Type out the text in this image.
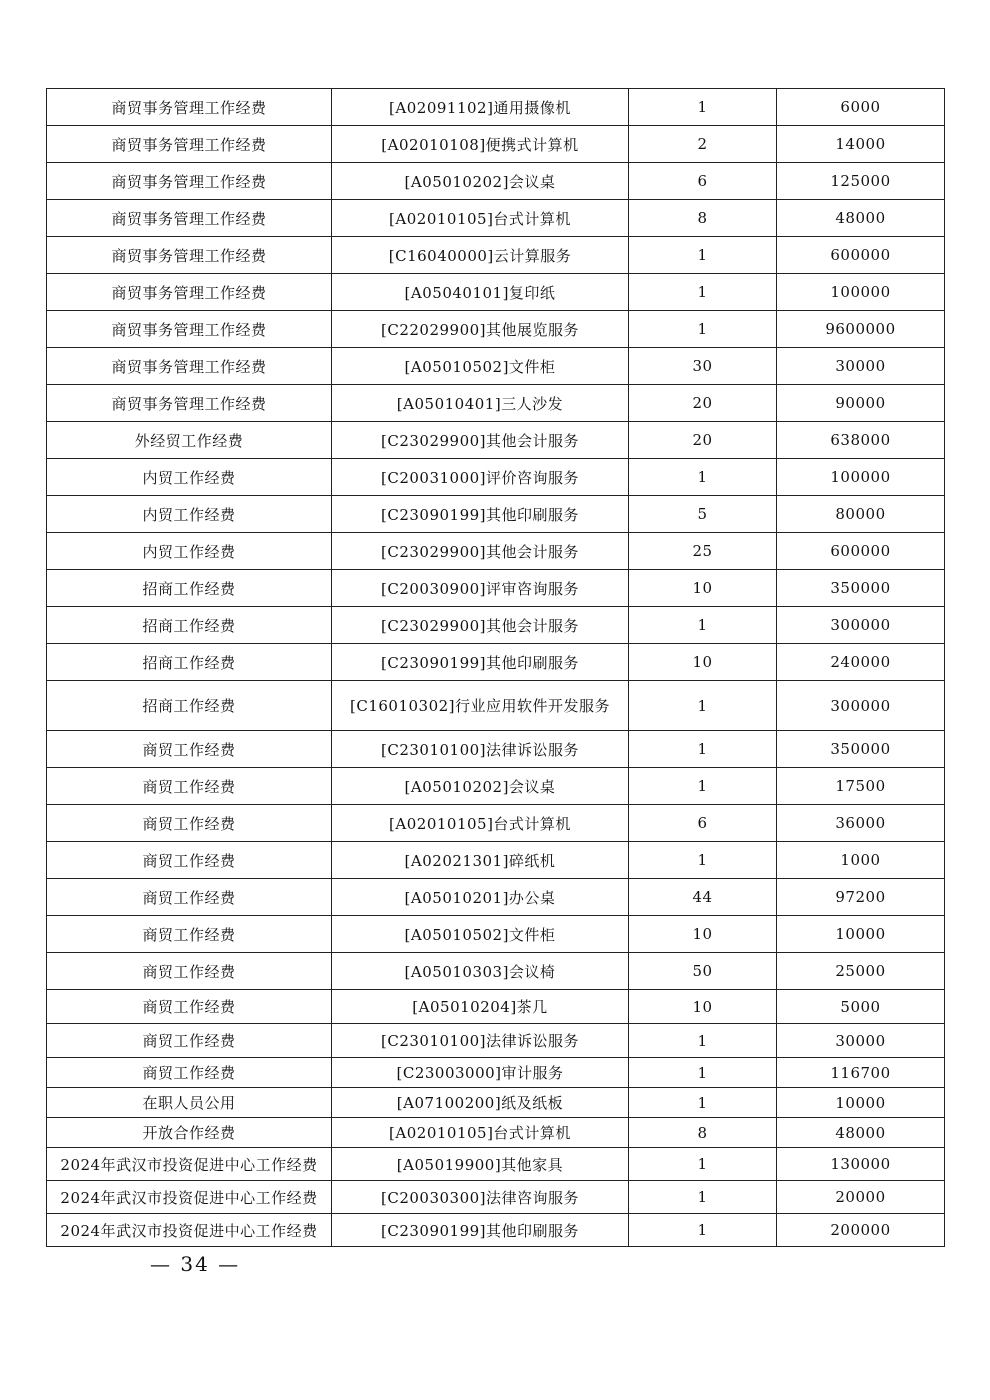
商贸事务管理工作经费	[A02091102]通用摄像机	1	6000
商贸事务管理工作经费	[A02010108]便携式计算机	2	14000
商贸事务管理工作经费	[A05010202]会议桌	6	125000
商贸事务管理工作经费	[A02010105]台式计算机	8	48000
商贸事务管理工作经费	[C16040000]云计算服务	1	600000
商贸事务管理工作经费	[A05040101]复印纸	1	100000
商贸事务管理工作经费	[C22029900]其他展览服务	1	9600000
商贸事务管理工作经费	[A05010502]文件柜	30	30000
商贸事务管理工作经费	[A05010401]三人沙发	20	90000
外经贸工作经费	[C23029900]其他会计服务	20	638000
内贸工作经费	[C20031000]评价咨询服务	1	100000
内贸工作经费	[C23090199]其他印刷服务	5	80000
内贸工作经费	[C23029900]其他会计服务	25	600000
招商工作经费	[C20030900]评审咨询服务	10	350000
招商工作经费	[C23029900]其他会计服务	1	300000
招商工作经费	[C23090199]其他印刷服务	10	240000
招商工作经费	[C16010302]行业应用软件开发服务	1	300000
商贸工作经费	[C23010100]法律诉讼服务	1	350000
商贸工作经费	[A05010202]会议桌	1	17500
商贸工作经费	[A02010105]台式计算机	6	36000
商贸工作经费	[A02021301]碎纸机	1	1000
商贸工作经费	[A05010201]办公桌	44	97200
商贸工作经费	[A05010502]文件柜	10	10000
商贸工作经费	[A05010303]会议椅	50	25000
商贸工作经费	[A05010204]茶几	10	5000
商贸工作经费	[C23010100]法律诉讼服务	1	30000
商贸工作经费	[C23003000]审计服务	1	116700
在职人员公用	[A07100200]纸及纸板	1	10000
开放合作经费	[A02010105]台式计算机	8	48000
2024年武汉市投资促进中心工作经费	[A05019900]其他家具	1	130000
2024年武汉市投资促进中心工作经费	[C20030300]法律咨询服务	1	20000
2024年武汉市投资促进中心工作经费	[C23090199]其他印刷服务	1	200000
— 34 —
